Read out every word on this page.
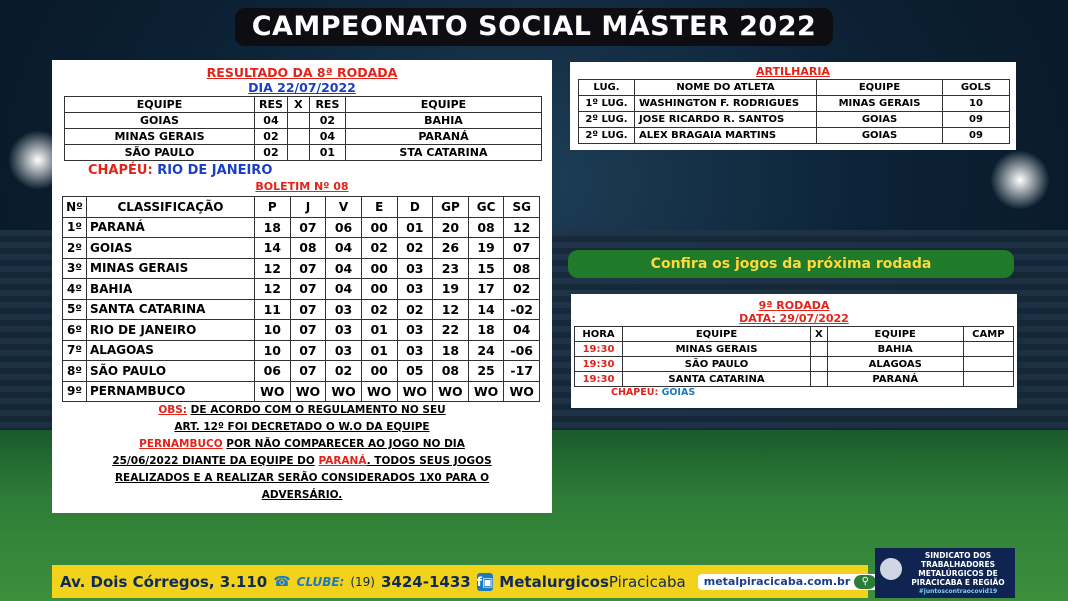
CAMPEONATO SOCIAL MÁSTER 2022
RESULTADO DA 8ª RODADA
DIA 22/07/2022
EQUIPE	RES	X	RES	EQUIPE
GOIAS	04		02	BAHIA
MINAS GERAIS	02		04	PARANÁ
SÃO PAULO	02		01	STA CATARINA
CHAPÉU: RIO DE JANEIRO
BOLETIM Nº 08
Nº	CLASSIFICAÇÃO	P	J	V	E	D	GP	GC	SG
1º	PARANÁ	18	07	06	00	01	20	08	12
2º	GOIAS	14	08	04	02	02	26	19	07
3º	MINAS GERAIS	12	07	04	00	03	23	15	08
4º	BAHIA	12	07	04	00	03	19	17	02
5º	SANTA CATARINA	11	07	03	02	02	12	14	-02
6º	RIO DE JANEIRO	10	07	03	01	03	22	18	04
7º	ALAGOAS	10	07	03	01	03	18	24	-06
8º	SÃO PAULO	06	07	02	00	05	08	25	-17
9º	PERNAMBUCO	WO	WO	WO	WO	WO	WO	WO	WO
OBS: DE ACORDO COM O REGULAMENTO NO SEU
ART. 12º FOI DECRETADO O W.O DA EQUIPE
PERNAMBUCO POR NÃO COMPARECER AO JOGO NO DIA
25/06/2022 DIANTE DA EQUIPE DO PARANÁ. TODOS SEUS JOGOS
REALIZADOS E A REALIZAR SERÃO CONSIDERADOS 1X0 PARA O
ADVERSÁRIO.
ARTILHARIA
LUG.	NOME DO ATLETA	EQUIPE	GOLS
1º LUG.	WASHINGTON F. RODRIGUES	MINAS GERAIS	10
2º LUG.	JOSE RICARDO R. SANTOS	GOIAS	09
2º LUG.	ALEX BRAGAIA MARTINS	GOIAS	09
Confira os jogos da próxima rodada
9ª RODADA
DATA: 29/07/2022
HORA	EQUIPE	X	EQUIPE	CAMP
19:30	MINAS GERAIS		BAHIA	
19:30	SÃO PAULO		ALAGOAS	
19:30	SANTA CATARINA		PARANÁ	
CHAPEU: GOIAS
Av. Dois Córregos, 3.110 ☎ CLUBE: (19) 3424-1433 f▣ MetalurgicosPiracicaba metalpiracicaba.com.br	⚲
SINDICATO DOS
TRABALHADORES
METALÚRGICOS DE
PIRACICABA E REGIÃO
#juntoscontraocovid19
